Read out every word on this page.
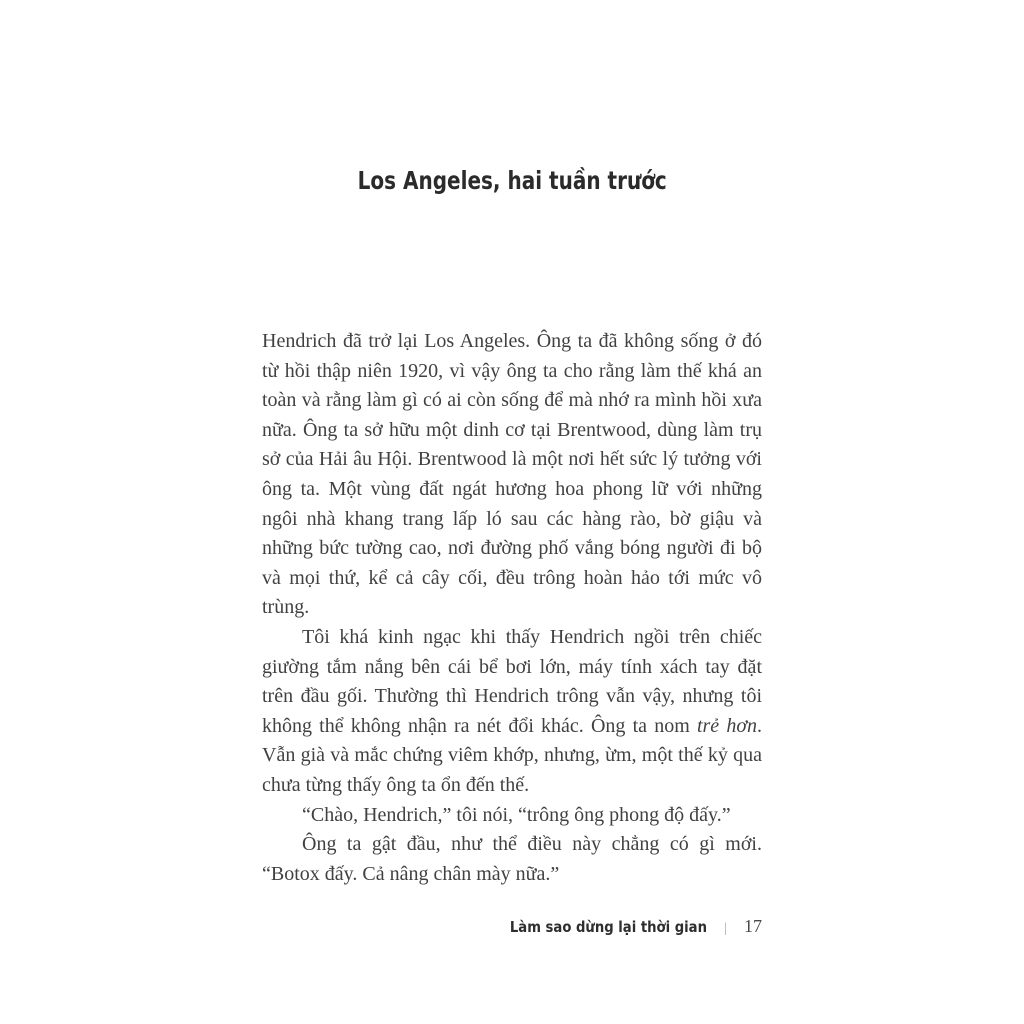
Los Angeles, hai tuần trước

Hendrich đã trở lại Los Angeles. Ông ta đã không sống ở đó từ hồi thập niên 1920, vì vậy ông ta cho rằng làm thế khá an toàn và rằng làm gì có ai còn sống để mà nhớ ra mình hồi xưa nữa. Ông ta sở hữu một dinh cơ tại Brentwood, dùng làm trụ sở của Hải âu Hội. Brentwood là một nơi hết sức lý tưởng với ông ta. Một vùng đất ngát hương hoa phong lữ với những ngôi nhà khang trang lấp ló sau các hàng rào, bờ giậu và những bức tường cao, nơi đường phố vắng bóng người đi bộ và mọi thứ, kể cả cây cối, đều trông hoàn hảo tới mức vô trùng.

Tôi khá kinh ngạc khi thấy Hendrich ngồi trên chiếc giường tắm nắng bên cái bể bơi lớn, máy tính xách tay đặt trên đầu gối. Thường thì Hendrich trông vẫn vậy, nhưng tôi không thể không nhận ra nét đổi khác. Ông ta nom trẻ hơn. Vẫn già và mắc chứng viêm khớp, nhưng, ừm, một thế kỷ qua chưa từng thấy ông ta ổn đến thế.

“Chào, Hendrich,” tôi nói, “trông ông phong độ đấy.”

Ông ta gật đầu, như thể điều này chẳng có gì mới. “Botox đấy. Cả nâng chân mày nữa.”

Làm sao dừng lại thời gian | 17
